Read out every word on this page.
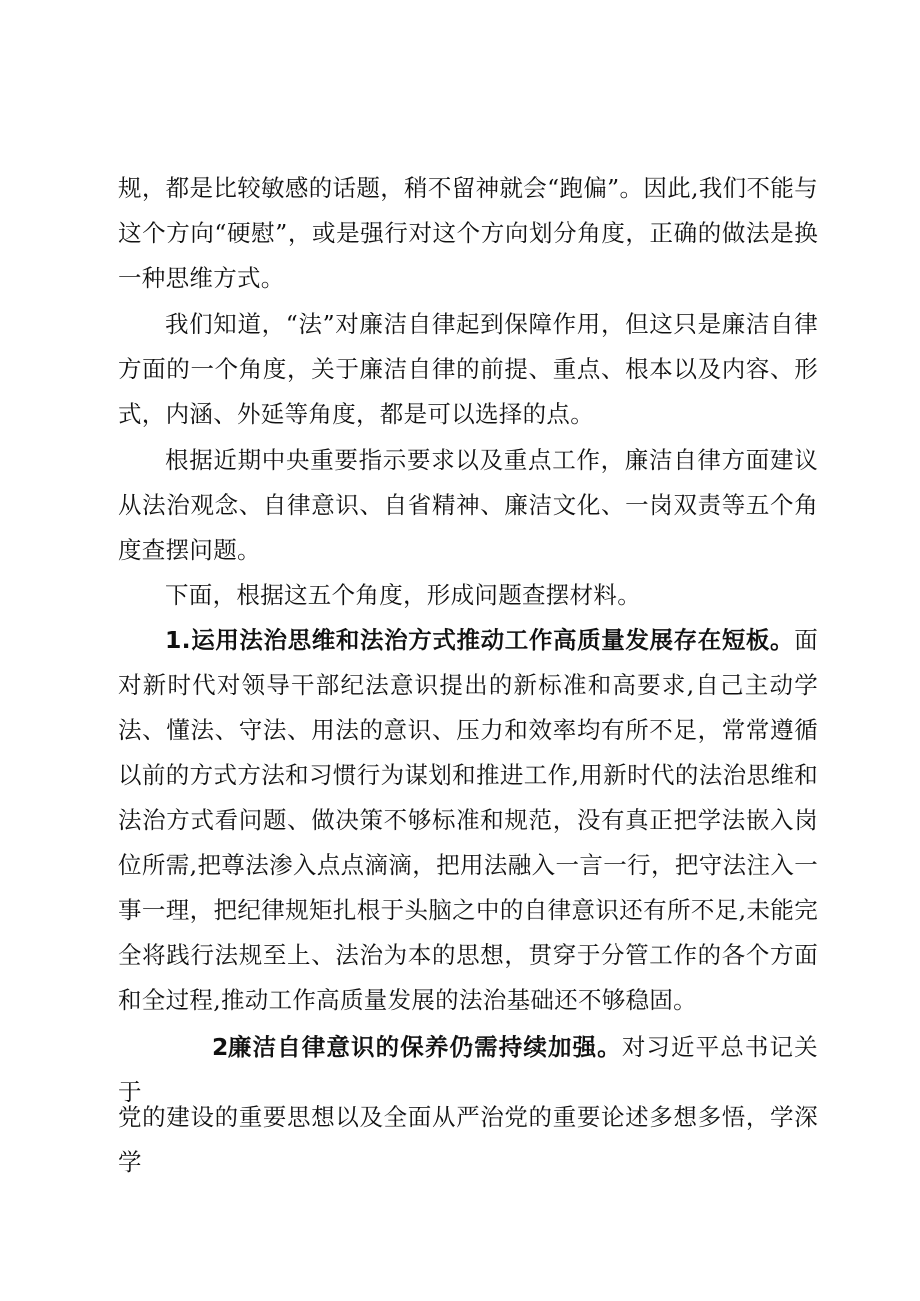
规，都是比较敏感的话题，稍不留神就会“跑偏”。因此,我们不能与这个方向“硬慰”，或是强行对这个方向划分角度，正确的做法是换一种思维方式。

我们知道，“法”对廉洁自律起到保障作用，但这只是廉洁自律方面的一个角度，关于廉洁自律的前提、重点、根本以及内容、形式，内涵、外延等角度，都是可以选择的点。

根据近期中央重要指示要求以及重点工作，廉洁自律方面建议从法治观念、自律意识、自省精神、廉洁文化、一岗双责等五个角度查摆问题。

下面，根据这五个角度，形成问题查摆材料。

1.运用法治思维和法治方式推动工作高质量发展存在短板。面对新时代对领导干部纪法意识提出的新标准和高要求,自己主动学法、懂法、守法、用法的意识、压力和效率均有所不足，常常遵循以前的方式方法和习惯行为谋划和推进工作,用新时代的法治思维和法治方式看问题、做决策不够标准和规范，没有真正把学法嵌入岗位所需,把尊法渗入点点滴滴，把用法融入一言一行，把守法注入一事一理，把纪律规矩扎根于头脑之中的自律意识还有所不足,未能完全将践行法规至上、法治为本的思想，贯穿于分管工作的各个方面和全过程,推动工作高质量发展的法治基础还不够稳固。

2廉洁自律意识的保养仍需持续加强。对习近平总书记关于

党的建设的重要思想以及全面从严治党的重要论述多想多悟，学深学
